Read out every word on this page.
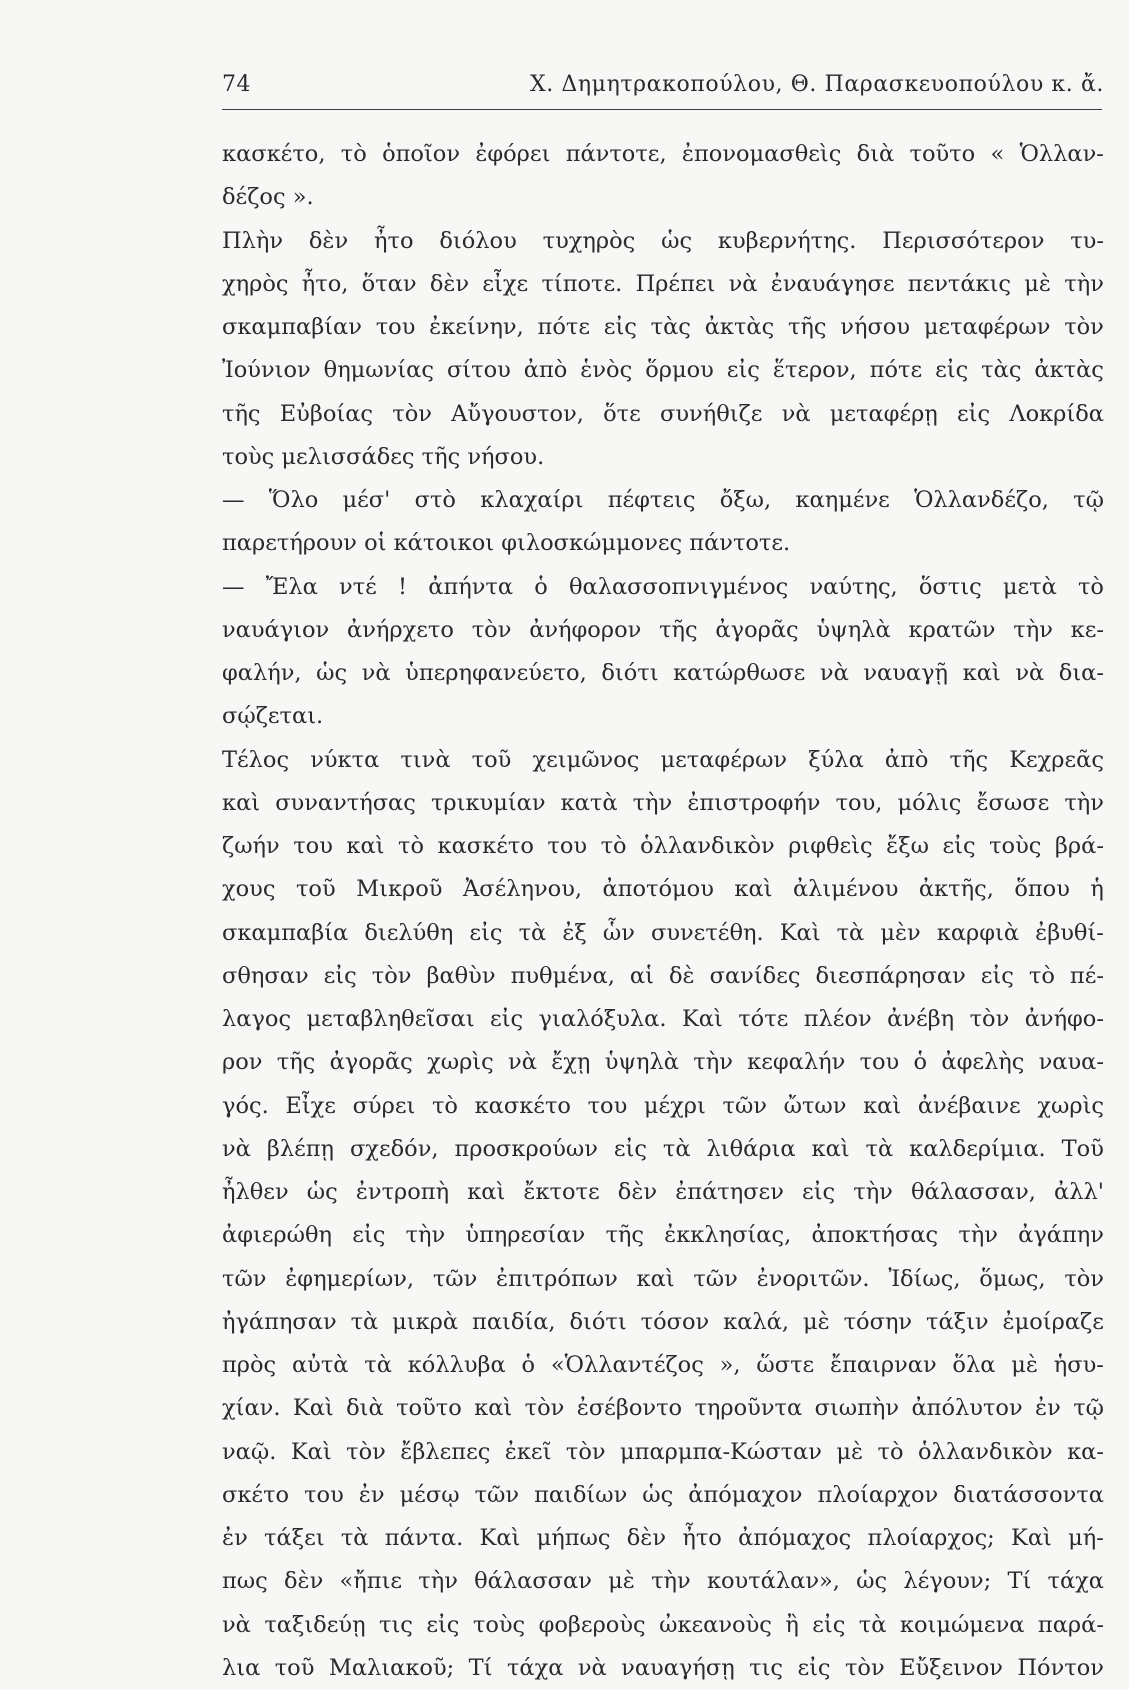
74	Χ. Δημητρακοπούλου, Θ. Παρασκευοπούλου κ. ἄ.
κασκέτο, τὸ ὁποῖον ἐφόρει πάντοτε, ἐπονομασθεὶς διὰ τοῦτο « Ὁλλαν-
δέζος ».
Πλὴν δὲν ἦτο διόλου τυχηρὸς ὡς κυβερνήτης. Περισσότερον τυ-
χηρὸς ἦτο, ὅταν δὲν εἶχε τίποτε. Πρέπει νὰ ἐναυάγησε πεντάκις μὲ τὴν
σκαμπαβίαν του ἐκείνην, πότε εἰς τὰς ἀκτὰς τῆς νήσου μεταφέρων τὸν
Ἰούνιον θημωνίας σίτου ἀπὸ ἑνὸς ὅρμου εἰς ἕτερον, πότε εἰς τὰς ἀκτὰς
τῆς Εὐβοίας τὸν Αὔγουστον, ὅτε συνήθιζε νὰ μεταφέρῃ εἰς Λοκρίδα
τοὺς μελισσάδες τῆς νήσου.
— Ὅλο μέσ' στὸ κλαχαίρι πέφτεις ὄξω, καημένε Ὁλλανδέζο, τῷ
παρετήρουν οἱ κάτοικοι φιλοσκώμμονες πάντοτε.
— Ἔλα ντέ ! ἀπήντα ὁ θαλασσοπνιγμένος ναύτης, ὅστις μετὰ τὸ
ναυάγιον ἀνήρχετο τὸν ἀνήφορον τῆς ἀγορᾶς ὑψηλὰ κρατῶν τὴν κε-
φαλήν, ὡς νὰ ὑπερηφανεύετο, διότι κατώρθωσε νὰ ναυαγῇ καὶ νὰ δια-
σῴζεται.
Τέλος νύκτα τινὰ τοῦ χειμῶνος μεταφέρων ξύλα ἀπὸ τῆς Κεχρεᾶς
καὶ συναντήσας τρικυμίαν κατὰ τὴν ἐπιστροφήν του, μόλις ἔσωσε τὴν
ζωήν του καὶ τὸ κασκέτο του τὸ ὁλλανδικὸν ριφθεὶς ἔξω εἰς τοὺς βρά-
χους τοῦ Μικροῦ Ἀσέληνου, ἀποτόμου καὶ ἀλιμένου ἀκτῆς, ὅπου ἡ
σκαμπαβία διελύθη εἰς τὰ ἐξ ὧν συνετέθη. Καὶ τὰ μὲν καρφιὰ ἐβυθί-
σθησαν εἰς τὸν βαθὺν πυθμένα, αἱ δὲ σανίδες διεσπάρησαν εἰς τὸ πέ-
λαγος μεταβληθεῖσαι εἰς γιαλόξυλα. Καὶ τότε πλέον ἀνέβη τὸν ἀνήφο-
ρον τῆς ἀγορᾶς χωρὶς νὰ ἔχῃ ὑψηλὰ τὴν κεφαλήν του ὁ ἀφελὴς ναυα-
γός. Εἶχε σύρει τὸ κασκέτο του μέχρι τῶν ὤτων καὶ ἀνέβαινε χωρὶς
νὰ βλέπῃ σχεδόν, προσκρούων εἰς τὰ λιθάρια καὶ τὰ καλδερίμια. Τοῦ
ἦλθεν ὡς ἐντροπὴ καὶ ἔκτοτε δὲν ἐπάτησεν εἰς τὴν θάλασσαν, ἀλλ'
ἀφιερώθη εἰς τὴν ὑπηρεσίαν τῆς ἐκκλησίας, ἀποκτήσας τὴν ἀγάπην
τῶν ἐφημερίων, τῶν ἐπιτρόπων καὶ τῶν ἐνοριτῶν. Ἰδίως, ὅμως, τὸν
ἠγάπησαν τὰ μικρὰ παιδία, διότι τόσον καλά, μὲ τόσην τάξιν ἐμοίραζε
πρὸς αὐτὰ τὰ κόλλυβα ὁ «Ὁλλαντέζος », ὥστε ἔπαιρναν ὅλα μὲ ἡσυ-
χίαν. Καὶ διὰ τοῦτο καὶ τὸν ἐσέβοντο τηροῦντα σιωπὴν ἀπόλυτον ἐν τῷ
ναῷ. Καὶ τὸν ἔβλεπες ἐκεῖ τὸν μπαρμπα-Κώσταν μὲ τὸ ὁλλανδικὸν κα-
σκέτο του ἐν μέσῳ τῶν παιδίων ὡς ἀπόμαχον πλοίαρχον διατάσσοντα
ἐν τάξει τὰ πάντα. Καὶ μήπως δὲν ἦτο ἀπόμαχος πλοίαρχος; Καὶ μή-
πως δὲν «ἤπιε τὴν θάλασσαν μὲ τὴν κουτάλαν», ὡς λέγουν; Τί τάχα
νὰ ταξιδεύῃ τις εἰς τοὺς φοβεροὺς ὠκεανοὺς ἢ εἰς τὰ κοιμώμενα παρά-
λια τοῦ Μαλιακοῦ; Τί τάχα νὰ ναυαγήσῃ τις εἰς τὸν Εὔξεινον Πόντον
